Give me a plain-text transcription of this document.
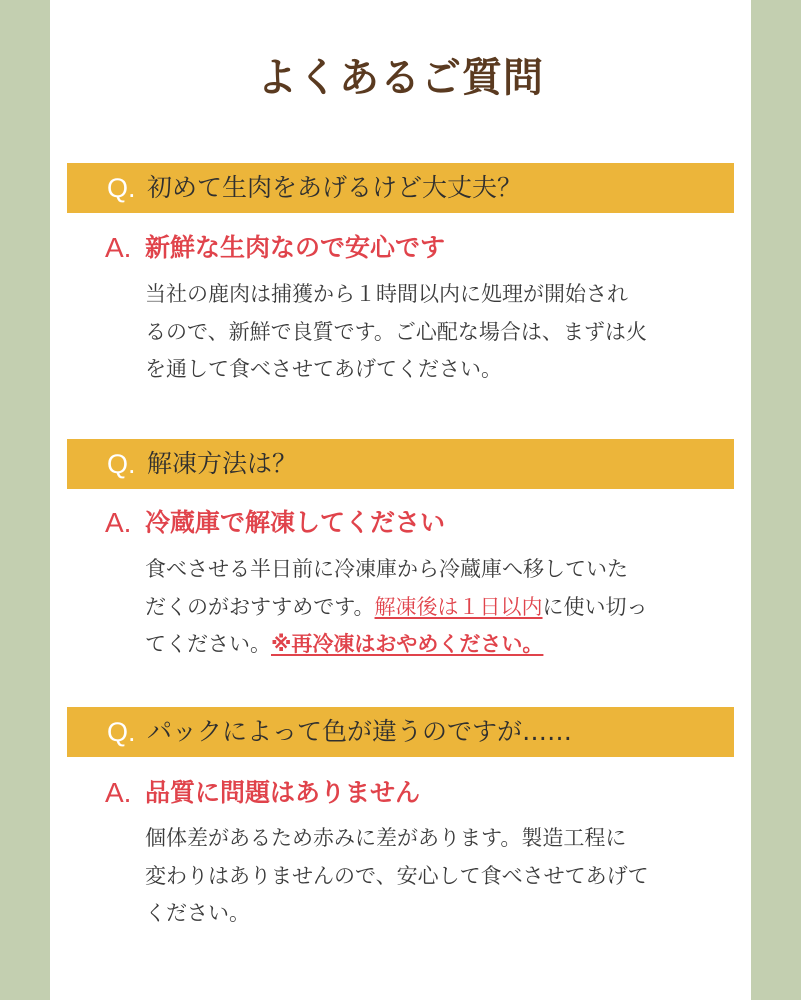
よくあるご質問
Q. 初めて生肉をあげるけど大丈夫？
A. 新鮮な生肉なので安心です
当社の鹿肉は捕獲から１時間以内に処理が開始され
るので、新鮮で良質です。ご心配な場合は、まずは火
を通して食べさせてあげてください。
Q. 解凍方法は？
A. 冷蔵庫で解凍してください
食べさせる半日前に冷凍庫から冷蔵庫へ移していた
だくのがおすすめです。解凍後は１日以内に使い切っ
てください。※再冷凍はおやめください。
Q. パックによって色が違うのですが……
A. 品質に問題はありません
個体差があるため赤みに差があります。製造工程に
変わりはありませんので、安心して食べさせてあげて
ください。
